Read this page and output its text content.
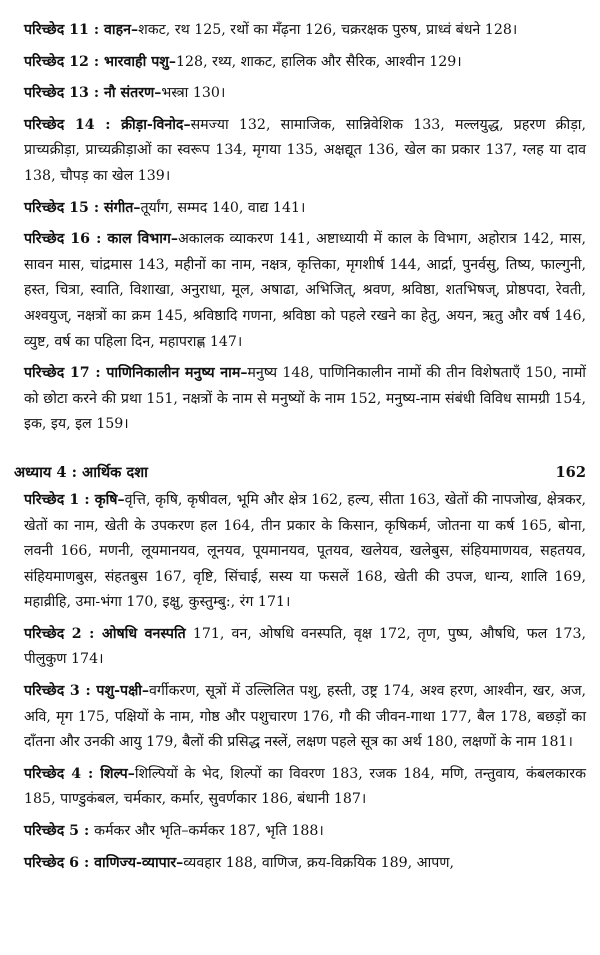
परिच्छेद 11 : वाहन–शकट, रथ 125, रथों का मँढ़ना 126, चक्ररक्षक पुरुष, प्राध्वं बंधने 128।

परिच्छेद 12 : भारवाही पशु–128, रथ्य, शाकट, हालिक और सैरिक, आश्वीन 129।

परिच्छेद 13 : नौ संतरण–भस्त्रा 130।

परिच्छेद 14 : क्रीड़ा-विनोद–समज्या 132, सामाजिक, सान्निवेशिक 133, मल्लयुद्ध, प्रहरण क्रीड़ा, प्राच्यक्रीड़ा, प्राच्यक्रीड़ाओं का स्वरूप 134, मृगया 135, अक्षद्यूत 136, खेल का प्रकार 137, ग्लह या दाव 138, चौपड़ का खेल 139।

परिच्छेद 15 : संगीत–तूर्यांग, सम्मद 140, वाद्य 141।

परिच्छेद 16 : काल विभाग–अकालक व्याकरण 141, अष्टाध्यायी में काल के विभाग, अहोरात्र 142, मास, सावन मास, चांद्रमास 143, महीनों का नाम, नक्षत्र, कृत्तिका, मृगशीर्ष 144, आर्द्रा, पुनर्वसु, तिष्य, फाल्गुनी, हस्त, चित्रा, स्वाति, विशाखा, अनुराधा, मूल, अषाढा, अभिजित्, श्रवण, श्रविष्ठा, शतभिषज्, प्रोष्ठपदा, रेवती, अश्वयुज्, नक्षत्रों का क्रम 145, श्रविष्ठादि गणना, श्रविष्ठा को पहले रखने का हेतु, अयन, ऋतु और वर्ष 146, व्युष्ट, वर्ष का पहिला दिन, महापराह्ण 147।

परिच्छेद 17 : पाणिनिकालीन मनुष्य नाम–मनुष्य 148, पाणिनिकालीन नामों की तीन विशेषताएँ 150, नामों को छोटा करने की प्रथा 151, नक्षत्रों के नाम से मनुष्यों के नाम 152, मनुष्य-नाम संबंधी विविध सामग्री 154, इक, इय, इल 159।

अध्याय 4 : आर्थिक दशा	162

परिच्छेद 1 : कृषि–वृत्ति, कृषि, कृषीवल, भूमि और क्षेत्र 162, हल्य, सीता 163, खेतों की नापजोख, क्षेत्रकर, खेतों का नाम, खेती के उपकरण हल 164, तीन प्रकार के किसान, कृषिकर्म, जोतना या कर्ष 165, बोना, लवनी 166, मणनी, लूयमानयव, लूनयव, पूयमानयव, पूतयव, खलेयव, खलेबुस, संहियमाणयव, सहतयव, संहियमाणबुस, संहतबुस 167, वृष्टि, सिंचाई, सस्य या फसलें 168, खेती की उपज, धान्य, शालि 169, महाव्रीहि, उमा-भंगा 170, इक्षु, कुस्तुम्बु:, रंग 171।

परिच्छेद 2 : ओषधि वनस्पति 171, वन, ओषधि वनस्पति, वृक्ष 172, तृण, पुष्प, औषधि, फल 173, पीलुकुण 174।

परिच्छेद 3 : पशु-पक्षी–वर्गीकरण, सूत्रों में उल्लिलित पशु, हस्ती, उष्ट्र 174, अश्व हरण, आश्वीन, खर, अज, अवि, मृग 175, पक्षियों के नाम, गोष्ठ और पशुचारण 176, गौ की जीवन-गाथा 177, बैल 178, बछड़ों का दाँतना और उनकी आयु 179, बैलों की प्रसिद्ध नस्लें, लक्षण पहले सूत्र का अर्थ 180, लक्षणों के नाम 181।

परिच्छेद 4 : शिल्प–शिल्पियों के भेद, शिल्पों का विवरण 183, रजक 184, मणि, तन्तुवाय, कंबलकारक 185, पाण्डुकंबल, चर्मकार, कर्मार, सुवर्णकार 186, बंधानी 187।

परिच्छेद 5 : कर्मकर और भृति–कर्मकर 187, भृति 188।

परिच्छेद 6 : वाणिज्य-व्यापार–व्यवहार 188, वाणिज, क्रय-विक्रयिक 189, आपण,
